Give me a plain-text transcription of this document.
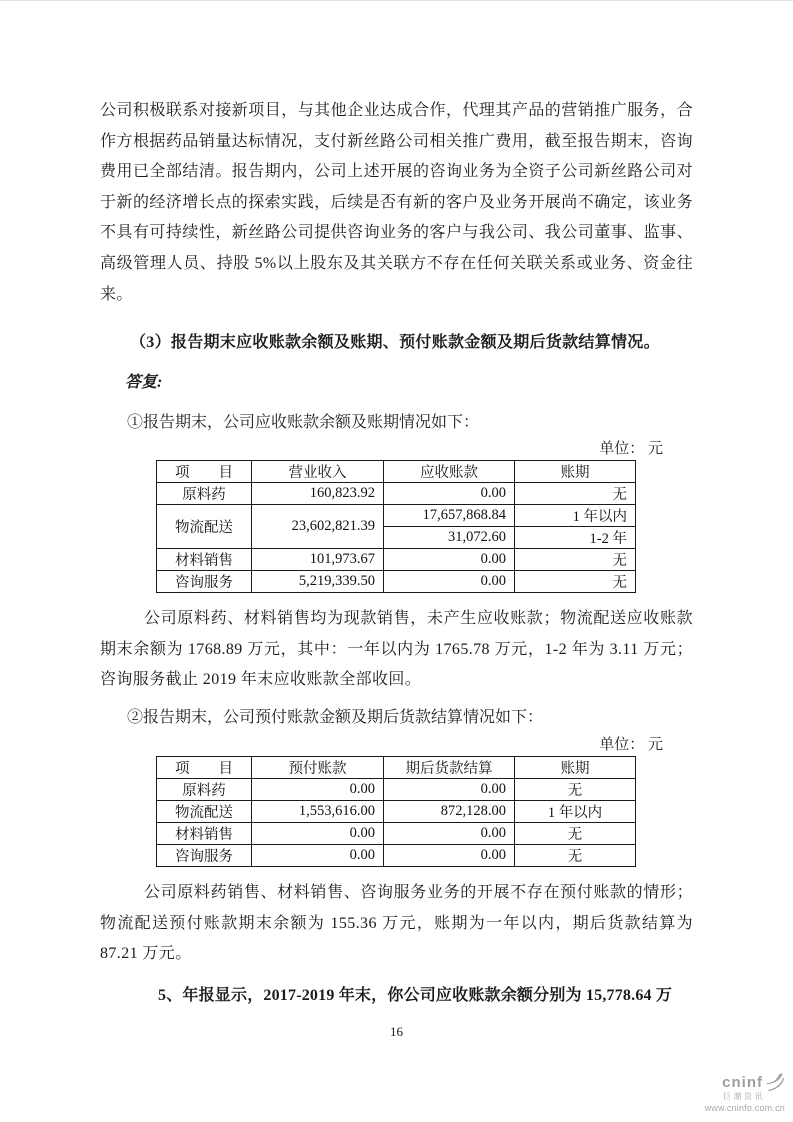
公司积极联系对接新项目，与其他企业达成合作，代理其产品的营销推广服务，合作方根据药品销量达标情况，支付新丝路公司相关推广费用，截至报告期末，咨询费用已全部结清。报告期内，公司上述开展的咨询业务为全资子公司新丝路公司对于新的经济增长点的探索实践，后续是否有新的客户及业务开展尚不确定，该业务不具有可持续性，新丝路公司提供咨询业务的客户与我公司、我公司董事、监事、高级管理人员、持股 5%以上股东及其关联方不存在任何关联关系或业务、资金往来。
（3）报告期末应收账款余额及账期、预付账款金额及期后货款结算情况。
答复:
①报告期末，公司应收账款余额及账期情况如下：
单位： 元
项　　目	营业收入	应收账款	账期
原料药	160,823.92	0.00	无
物流配送	23,602,821.39	17,657,868.84	1 年以内
		31,072.60	1-2 年
材料销售	101,973.67	0.00	无
咨询服务	5,219,339.50	0.00	无
公司原料药、材料销售均为现款销售，未产生应收账款；物流配送应收账款期末余额为 1768.89 万元，其中：一年以内为 1765.78 万元，1-2 年为 3.11 万元；咨询服务截止 2019 年末应收账款全部收回。
②报告期末，公司预付账款金额及期后货款结算情况如下：
单位： 元
项　　目	预付账款	期后货款结算	账期
原料药	0.00	0.00	无
物流配送	1,553,616.00	872,128.00	1 年以内
材料销售	0.00	0.00	无
咨询服务	0.00	0.00	无
公司原料药销售、材料销售、咨询服务业务的开展不存在预付账款的情形；物流配送预付账款期末余额为 155.36 万元，账期为一年以内，期后货款结算为 87.21 万元。
5、年报显示，2017-2019 年末，你公司应收账款余额分别为 15,778.64 万
16
cninf
巨潮资讯
www.cninfo.com.cn
